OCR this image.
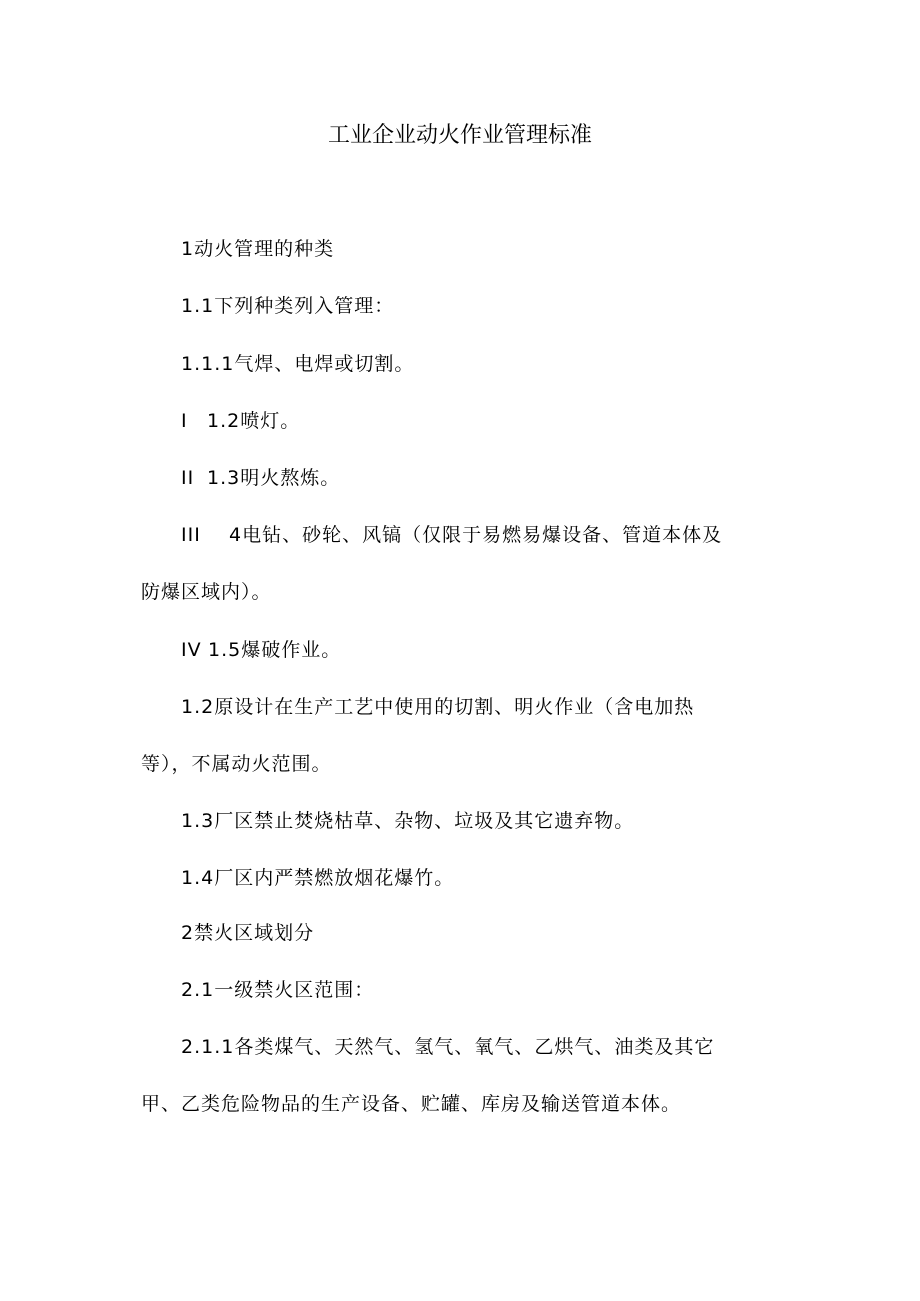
工业企业动火作业管理标准
1动火管理的种类
1.1下列种类列入管理：
1.1.1气焊、电焊或切割。
I 1.2喷灯。
II 1.3明火熬炼。
III 4电钻、砂轮、风镐（仅限于易燃易爆设备、管道本体及
防爆区域内）。
IV 1.5爆破作业。
1.2原设计在生产工艺中使用的切割、明火作业（含电加热
等），不属动火范围。
1.3厂区禁止焚烧枯草、杂物、垃圾及其它遗弃物。
1.4厂区内严禁燃放烟花爆竹。
2禁火区域划分
2.1一级禁火区范围：
2.1.1各类煤气、天然气、氢气、氧气、乙烘气、油类及其它
甲、乙类危险物品的生产设备、贮罐、库房及输送管道本体。
